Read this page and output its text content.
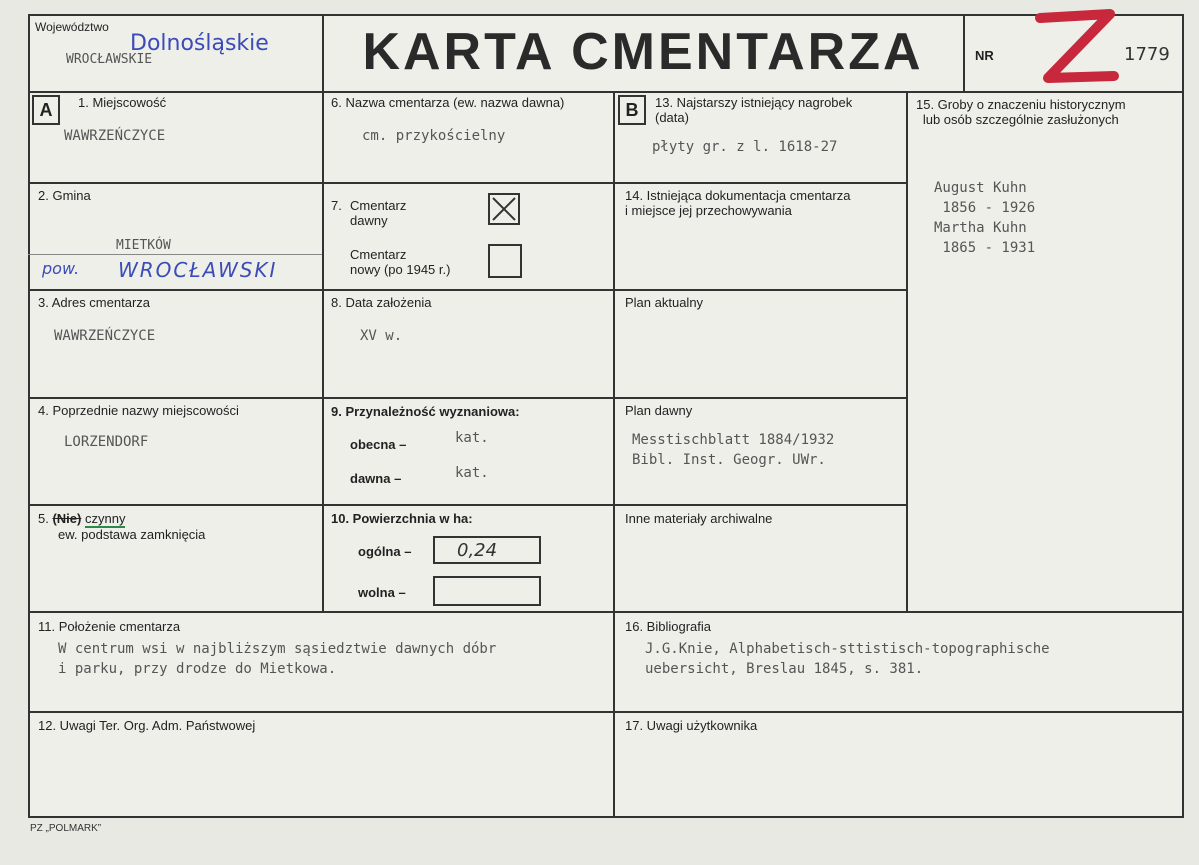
Województwo
Dolnośląskie
WROCŁAWSKIE	KARTA CMENTARZA	NR	1779
A	B
1. Miejscowość
WAWRZEŃCZYCE
2. Gmina
MIETKÓW
pow. WROCŁAWSKI
3. Adres cmentarza
WAWRZEŃCZYCE
4. Poprzednie nazwy miejscowości
LORZENDORF
5. (Nie) czynny
ew. podstawa zamknięcia
6. Nazwa cmentarza (ew. nazwa dawna)
cm. przykościelny
7. Cmentarz
dawny
Cmentarz
nowy (po 1945 r.)
8. Data założenia
XV w.
9. Przynależność wyznaniowa:
obecna –	kat.
dawna –	kat.
10. Powierzchnia w ha:
ogólna –	0,24
wolna –
13. Najstarszy istniejący nagrobek
(data)
płyty gr. z l. 1618-27
14. Istniejąca dokumentacja cmentarza
i miejsce jej przechowywania
Plan aktualny
Plan dawny
Messtischblatt 1884/1932
Bibl. Inst. Geogr. UWr.
Inne materiały archiwalne
15. Groby o znaczeniu historycznym
lub osób szczególnie zasłużonych
August Kuhn
1856 - 1926
Martha Kuhn
1865 - 1931
11. Położenie cmentarza
W centrum wsi w najbliższym sąsiedztwie dawnych dóbr
i parku, przy drodze do Mietkowa.
16. Bibliografia
J.G.Knie, Alphabetisch-sttistisch-topographische
uebersicht, Breslau 1845, s. 381.
12. Uwagi Ter. Org. Adm. Państwowej	17. Uwagi użytkownika
PZ „POLMARK”
